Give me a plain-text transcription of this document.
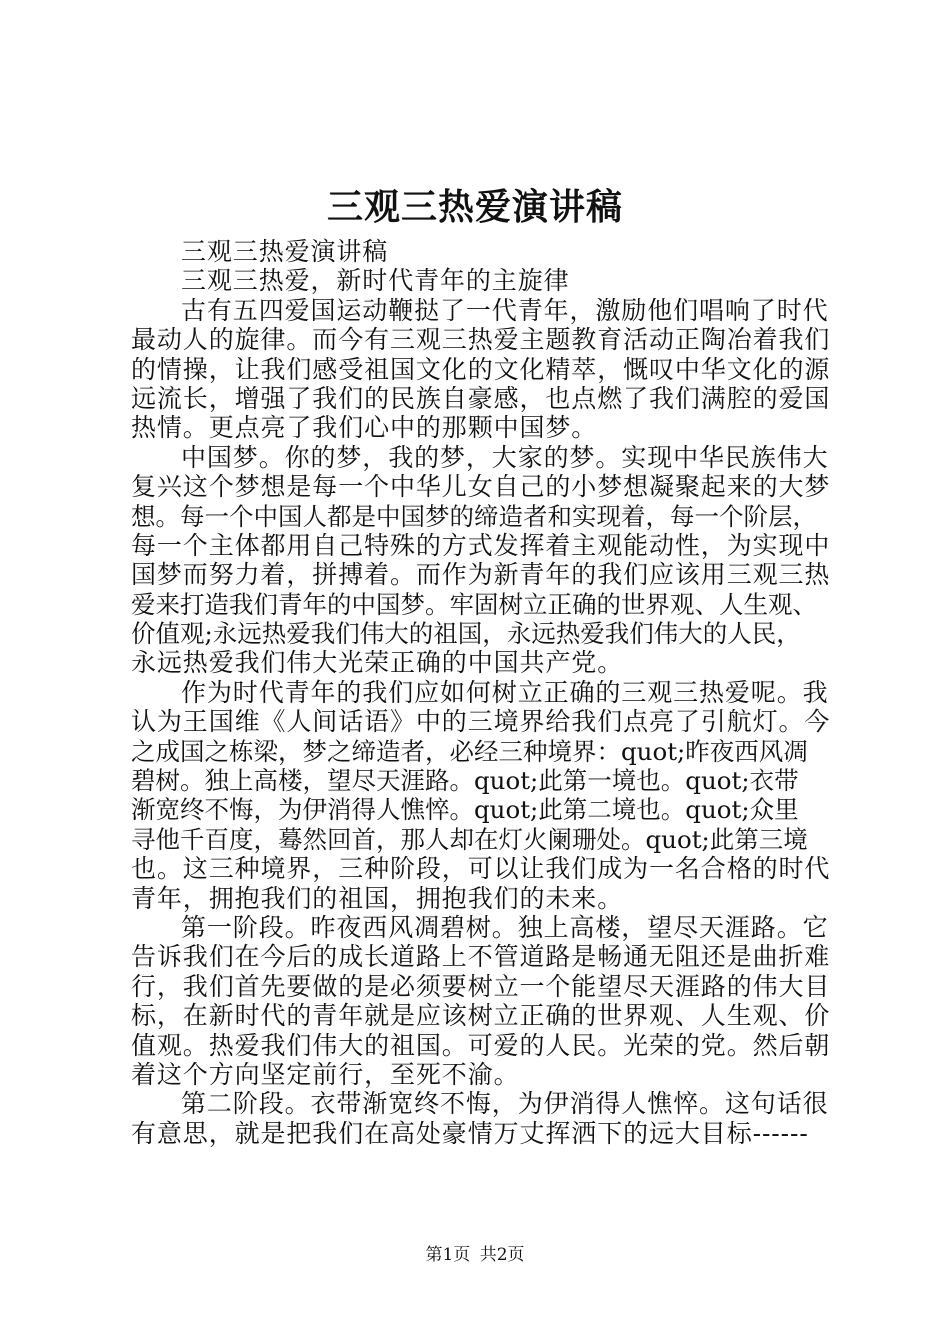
三观三热爱演讲稿
三观三热爱演讲稿
三观三热爱，新时代青年的主旋律
古有五四爱国运动鞭挞了一代青年，激励他们唱响了时代
最动人的旋律。而今有三观三热爱主题教育活动正陶冶着我们
的情操，让我们感受祖国文化的文化精萃，慨叹中华文化的源
远流长，增强了我们的民族自豪感，也点燃了我们满腔的爱国
热情。更点亮了我们心中的那颗中国梦。
中国梦。你的梦，我的梦，大家的梦。实现中华民族伟大
复兴这个梦想是每一个中华儿女自己的小梦想凝聚起来的大梦
想。每一个中国人都是中国梦的缔造者和实现着，每一个阶层，
每一个主体都用自己特殊的方式发挥着主观能动性，为实现中
国梦而努力着，拼搏着。而作为新青年的我们应该用三观三热
爱来打造我们青年的中国梦。牢固树立正确的世界观、人生观、
价值观;永远热爱我们伟大的祖国，永远热爱我们伟大的人民，
永远热爱我们伟大光荣正确的中国共产党。
作为时代青年的我们应如何树立正确的三观三热爱呢。我
认为王国维《人间话语》中的三境界给我们点亮了引航灯。今
之成国之栋梁，梦之缔造者，必经三种境界：quot;昨夜西风凋
碧树。独上高楼，望尽天涯路。quot;此第一境也。quot;衣带
渐宽终不悔，为伊消得人憔悴。quot;此第二境也。quot;众里
寻他千百度，蓦然回首，那人却在灯火阑珊处。quot;此第三境
也。这三种境界，三种阶段，可以让我们成为一名合格的时代
青年，拥抱我们的祖国，拥抱我们的未来。
第一阶段。昨夜西风凋碧树。独上高楼，望尽天涯路。它
告诉我们在今后的成长道路上不管道路是畅通无阻还是曲折难
行，我们首先要做的是必须要树立一个能望尽天涯路的伟大目
标，在新时代的青年就是应该树立正确的世界观、人生观、价
值观。热爱我们伟大的祖国。可爱的人民。光荣的党。然后朝
着这个方向坚定前行，至死不渝。
第二阶段。衣带渐宽终不悔，为伊消得人憔悴。这句话很
有意思，就是把我们在高处豪情万丈挥洒下的远大目标------
第1页 共2页
